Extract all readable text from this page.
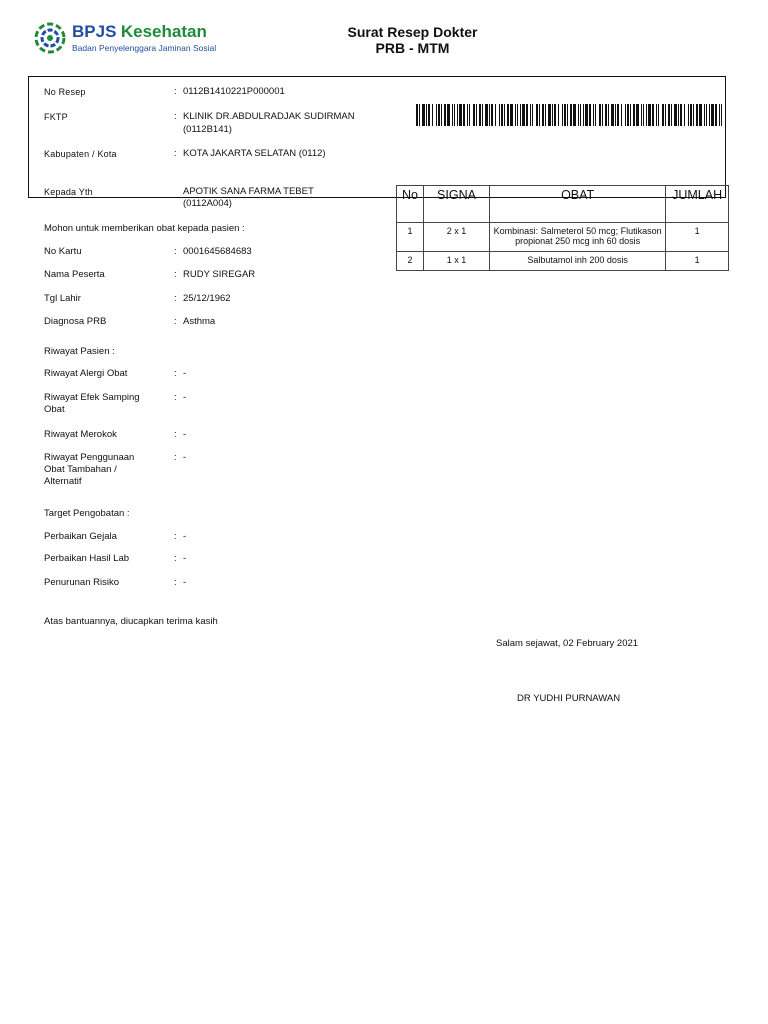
BPJS Kesehatan
Badan Penyelenggara Jaminan Sosial
Surat Resep Dokter
PRB - MTM
No Resep	: 0112B1410221P000001
FKTP	: KLINIK DR.ABDULRADJAK SUDIRMAN
(0112B141)
Kabupaten / Kota	: KOTA JAKARTA SELATAN (0112)
Kepada Yth	APOTIK SANA FARMA TEBET
(0112A004)
Mohon untuk memberikan obat kepada pasien :
No Kartu	: 0001645684683
Nama Peserta	: RUDY SIREGAR
Tgl Lahir	: 25/12/1962
Diagnosa PRB	: Asthma
Riwayat Pasien :
Riwayat Alergi Obat	: -
Riwayat Efek Samping
Obat
: -
Riwayat Merokok	: -
Riwayat Penggunaan
Obat Tambahan /
Alternatif
: -
Target Pengobatan :
Perbaikan Gejala	: -
Perbaikan Hasil Lab	: -
Penurunan Risiko	: -
Atas bantuannya, diucapkan terima kasih
Salam sejawat, 02 February 2021
DR YUDHI PURNAWAN
No	SIGNA	OBAT	JUMLAH
1	2 x 1	Kombinasi: Salmeterol 50 mcg; Flutikason propionat 250 mcg inh 60 dosis	1
2	1 x 1	Salbutamol inh 200 dosis	1
